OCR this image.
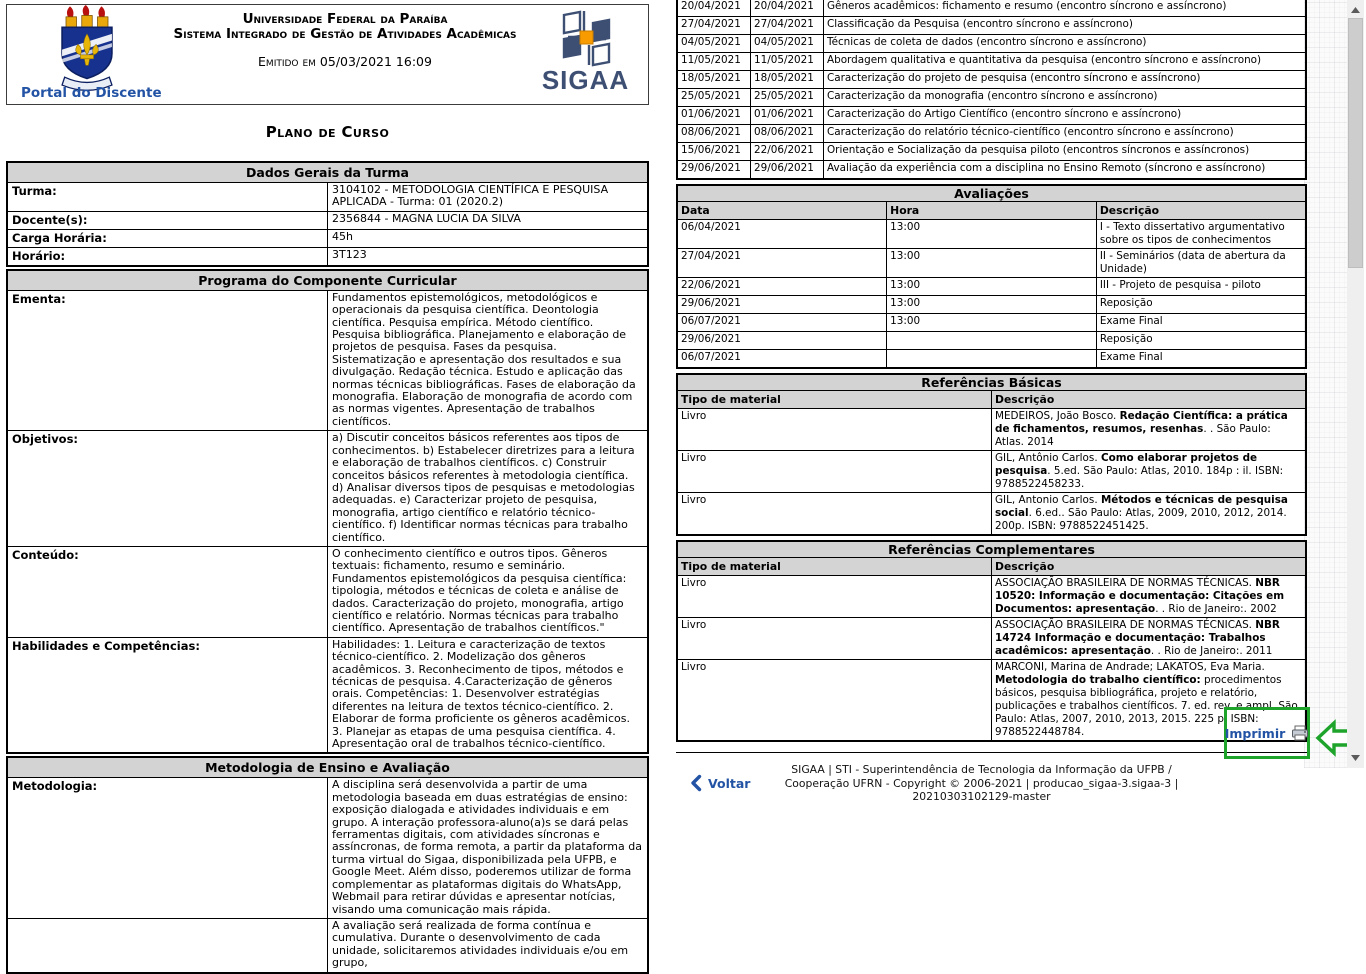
Portal do Discente
Universidade Federal da Paraíba
Sistema Integrado de Gestão de Atividades Acadêmicas
Emitido em 05/03/2021 16:09
SIGAA
Plano de Curso
Dados Gerais da Turma	
Turma:	3104102 - METODOLOGIA CIENTÍFICA E PESQUISA APLICADA - Turma: 01 (2020.2)
Docente(s):	2356844 - MAGNA LUCIA DA SILVA
Carga Horária:	45h
Horário:	3T123
Programa do Componente Curricular	
Ementa:	Fundamentos epistemológicos, metodológicos e operacionais da pesquisa científica. Deontologia científica. Pesquisa empírica. Método científico. Pesquisa bibliográfica. Planejamento e elaboração de projetos de pesquisa. Fases da pesquisa. Sistematização e apresentação dos resultados e sua divulgação. Redação técnica. Estudo e aplicação das normas técnicas bibliográficas. Fases de elaboração da monografia. Elaboração de monografia de acordo com as normas vigentes. Apresentação de trabalhos científicos.
Objetivos:	a) Discutir conceitos básicos referentes aos tipos de conhecimentos. b) Estabelecer diretrizes para a leitura e elaboração de trabalhos científicos. c) Construir conceitos básicos referentes à metodologia científica. d) Analisar diversos tipos de pesquisas e metodologias adequadas. e) Caracterizar projeto de pesquisa, monografia, artigo científico e relatório técnico-científico. f) Identificar normas técnicas para trabalho científico.
Conteúdo:	O conhecimento científico e outros tipos. Gêneros textuais: fichamento, resumo e seminário. Fundamentos epistemológicos da pesquisa científica: tipologia, métodos e técnicas de coleta e análise de dados. Caracterização do projeto, monografia, artigo científico e relatório. Normas técnicas para trabalho científico. Apresentação de trabalhos científicos."
Habilidades e Competências:	Habilidades: 1. Leitura e caracterização de textos técnico-científico. 2. Modelização dos gêneros acadêmicos. 3. Reconhecimento de tipos, métodos e técnicas de pesquisa. 4.Caracterização de gêneros orais. Competências: 1. Desenvolver estratégias diferentes na leitura de textos técnico-científico. 2. Elaborar de forma proficiente os gêneros acadêmicos. 3. Planejar as etapas de uma pesquisa científica. 4. Apresentação oral de trabalhos técnico-científico.
Metodologia de Ensino e Avaliação	
Metodologia:	A disciplina será desenvolvida a partir de uma metodologia baseada em duas estratégias de ensino: exposição dialogada e atividades individuais e em grupo. A interação professora-aluno(a)s se dará pelas ferramentas digitais, com atividades síncronas e assíncronas, de forma remota, a partir da plataforma da turma virtual do Sigaa, disponibilizada pela UFPB, e Google Meet. Além disso, poderemos utilizar de forma complementar as plataformas digitais do WhatsApp, Webmail para retirar dúvidas e apresentar notícias, visando uma comunicação mais rápida.
	A avaliação será realizada de forma contínua e cumulativa. Durante o desenvolvimento de cada unidade, solicitaremos atividades individuais e/ou em grupo,
20/04/2021	20/04/2021	Gêneros acadêmicos: fichamento e resumo (encontro síncrono e assíncrono)
27/04/2021	27/04/2021	Classificação da Pesquisa (encontro síncrono e assíncrono)
04/05/2021	04/05/2021	Técnicas de coleta de dados (encontro síncrono e assíncrono)
11/05/2021	11/05/2021	Abordagem qualitativa e quantitativa da pesquisa (encontro síncrono e assíncrono)
18/05/2021	18/05/2021	Caracterização do projeto de pesquisa (encontro síncrono e assíncrono)
25/05/2021	25/05/2021	Caracterização da monografia (encontro síncrono e assíncrono)
01/06/2021	01/06/2021	Caracterização do Artigo Científico (encontro síncrono e assíncrono)
08/06/2021	08/06/2021	Caracterização do relatório técnico-científico (encontro síncrono e assíncrono)
15/06/2021	22/06/2021	Orientação e Socialização da pesquisa piloto (encontros síncronos e assíncronos)
29/06/2021	29/06/2021	Avaliação da experiência com a disciplina no Ensino Remoto (síncrono e assíncrono)
Avaliações		
Data	Hora	Descrição
06/04/2021	13:00	I - Texto dissertativo argumentativo sobre os tipos de conhecimentos
27/04/2021	13:00	II - Seminários (data de abertura da Unidade)
22/06/2021	13:00	III - Projeto de pesquisa - piloto
29/06/2021	13:00	Reposição
06/07/2021	13:00	Exame Final
29/06/2021		Reposição
06/07/2021		Exame Final
Referências Básicas	
Tipo de material	Descrição
Livro	MEDEIROS, João Bosco. Redação Científica: a prática de fichamentos, resumos, resenhas. . São Paulo: Atlas. 2014
Livro	GIL, Antônio Carlos. Como elaborar projetos de pesquisa. 5.ed. São Paulo: Atlas, 2010. 184p : il. ISBN: 9788522458233.
Livro	GIL, Antonio Carlos. Métodos e técnicas de pesquisa social. 6.ed.. São Paulo: Atlas, 2009, 2010, 2012, 2014. 200p. ISBN: 9788522451425.
Referências Complementares	
Tipo de material	Descrição
Livro	ASSOCIAÇÃO BRASILEIRA DE NORMAS TÉCNICAS. NBR 10520: Informação e documentação: Citações em Documentos: apresentação. . Rio de Janeiro:. 2002
Livro	ASSOCIAÇÃO BRASILEIRA DE NORMAS TÉCNICAS. NBR 14724 Informação e documentação: Trabalhos acadêmicos: apresentação. . Rio de Janeiro:. 2011
Livro	MARCONI, Marina de Andrade; LAKATOS, Eva Maria. Metodologia do trabalho científico: procedimentos básicos, pesquisa bibliográfica, projeto e relatório, publicações e trabalhos científicos. 7. ed. rev. e ampl. São Paulo: Atlas, 2007, 2010, 2013, 2015. 225 p. ISBN: 9788522448784.
Voltar
SIGAA | STI - Superintendência de Tecnologia da Informação da UFPB / Cooperação UFRN - Copyright © 2006-2021 | producao_sigaa-3.sigaa-3 | 20210303102129-master
Imprimir
